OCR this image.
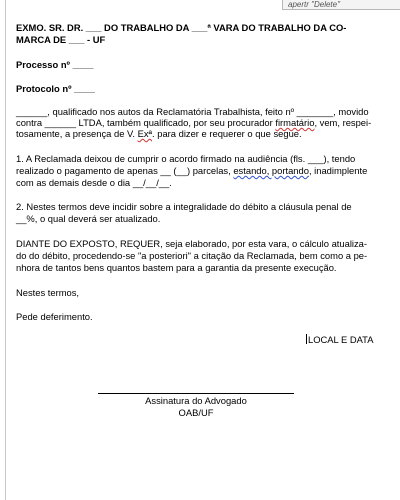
apertr "Delete"
EXMO. SR. DR. ___ DO TRABALHO DA ___ª VARA DO TRABALHO DA CO-
MARCA DE ___ - UF
Processo nº ____
Protocolo nº ____
______, qualificado nos autos da Reclamatória Trabalhista, feito nº _______, movido
contra ______ LTDA, também qualificado, por seu procurador firmatário, vem, respei-
tosamente, a presença de V. Exª. para dizer e requerer o que segue.
1. A Reclamada deixou de cumprir o acordo firmado na audiência (fls. ___), tendo
realizado o pagamento de apenas __ (__) parcelas, estando, portando, inadimplente
com as demais desde o dia __/__/__.
2. Nestes termos deve incidir sobre a integralidade do débito a cláusula penal de
__%, o qual deverá ser atualizado.
DIANTE DO EXPOSTO, REQUER, seja elaborado, por esta vara, o cálculo atualiza-
do do débito, procedendo-se "a posteriori" a citação da Reclamada, bem como a pe-
nhora de tantos bens quantos bastem para a garantia da presente execução.
Nestes termos,
Pede deferimento.
LOCAL E DATA
Assinatura do Advogado
OAB/UF
